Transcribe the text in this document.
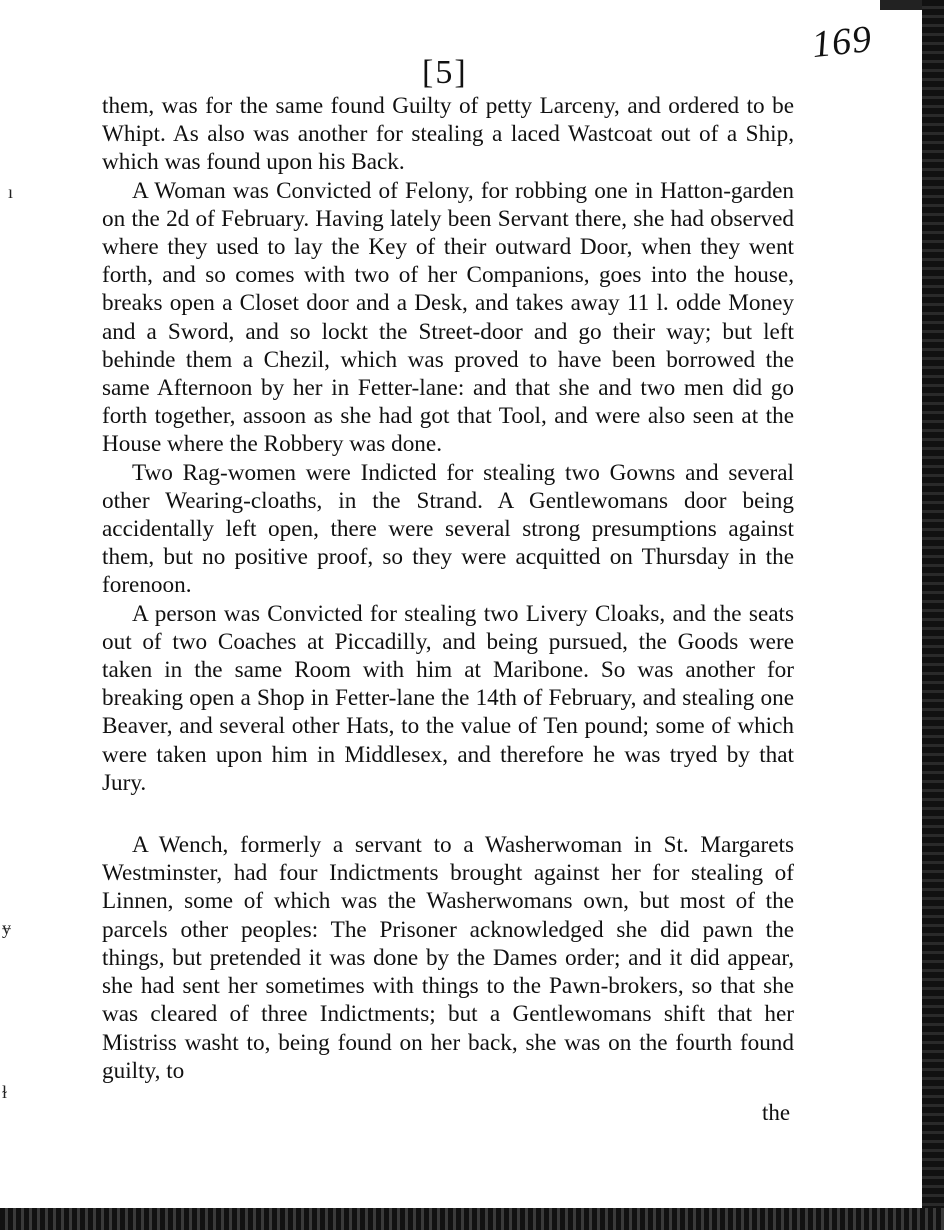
ı
ɏ
ɫ
169
[5]

them, was for the same found Guilty of petty Larceny, and ordered to be Whipt. As also was another for stealing a laced Wastcoat out of a Ship, which was found upon his Back.

A Woman was Convicted of Felony, for robbing one in Hatton-garden on the 2d of February. Having lately been Servant there, she had observed where they used to lay the Key of their outward Door, when they went forth, and so comes with two of her Companions, goes into the house, breaks open a Closet door and a Desk, and takes away 11 l. odde Money and a Sword, and so lockt the Street-door and go their way; but left behinde them a Chezil, which was proved to have been borrowed the same Afternoon by her in Fetter-lane: and that she and two men did go forth together, assoon as she had got that Tool, and were also seen at the House where the Robbery was done.

Two Rag-women were Indicted for stealing two Gowns and several other Wearing-cloaths, in the Strand. A Gentlewomans door being accidentally left open, there were several strong presumptions against them, but no positive proof, so they were acquitted on Thursday in the forenoon.

A person was Convicted for stealing two Livery Cloaks, and the seats out of two Coaches at Piccadilly, and being pursued, the Goods were taken in the same Room with him at Maribone. So was another for breaking open a Shop in Fetter-lane the 14th of February, and stealing one Beaver, and several other Hats, to the value of Ten pound; some of which were taken upon him in Middlesex, and therefore he was tryed by that Jury.

A Wench, formerly a servant to a Washerwoman in St. Margarets Westminster, had four Indictments brought against her for stealing of Linnen, some of which was the Washerwomans own, but most of the parcels other peoples: The Prisoner acknowledged she did pawn the things, but pretended it was done by the Dames order; and it did appear, she had sent her sometimes with things to the Pawn-brokers, so that she was cleared of three Indictments; but a Gentlewomans shift that her Mistriss washt to, being found on her back, she was on the fourth found guilty, to

the
